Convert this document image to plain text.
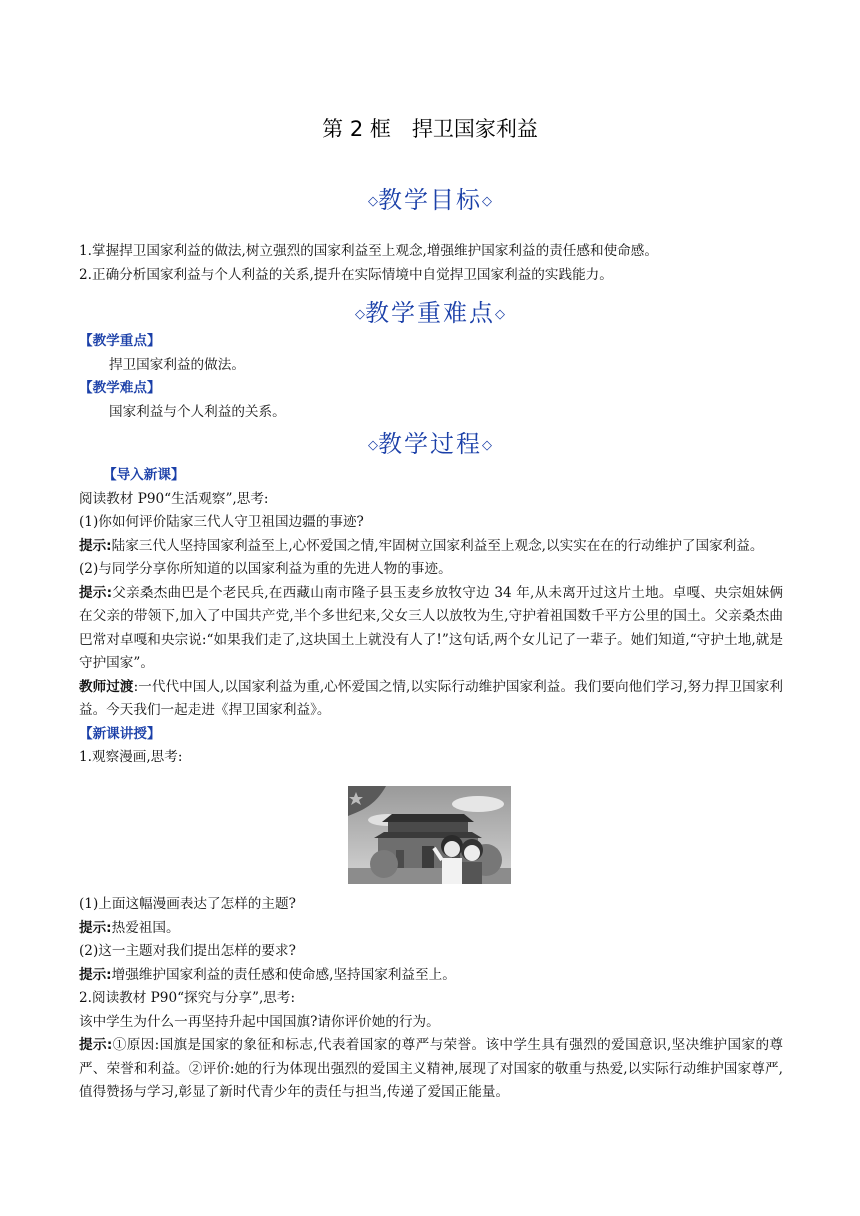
第 2 框　捍卫国家利益
◇教学目标◇

1.掌握捍卫国家利益的做法,树立强烈的国家利益至上观念,增强维护国家利益的责任感和使命感。

2.正确分析国家利益与个人利益的关系,提升在实际情境中自觉捍卫国家利益的实践能力。

◇教学重难点◇

【教学重点】

捍卫国家利益的做法。

【教学难点】

国家利益与个人利益的关系。

◇教学过程◇

【导入新课】

阅读教材 P90“生活观察”,思考:

(1)你如何评价陆家三代人守卫祖国边疆的事迹?

提示:陆家三代人坚持国家利益至上,心怀爱国之情,牢固树立国家利益至上观念,以实实在在的行动维护了国家利益。

(2)与同学分享你所知道的以国家利益为重的先进人物的事迹。

提示:父亲桑杰曲巴是个老民兵,在西藏山南市隆子县玉麦乡放牧守边 34 年,从未离开过这片土地。卓嘎、央宗姐妹俩在父亲的带领下,加入了中国共产党,半个多世纪来,父女三人以放牧为生,守护着祖国数千平方公里的国土。父亲桑杰曲巴常对卓嘎和央宗说:“如果我们走了,这块国土上就没有人了!”这句话,两个女儿记了一辈子。她们知道,“守护土地,就是守护国家”。

教师过渡:一代代中国人,以国家利益为重,心怀爱国之情,以实际行动维护国家利益。我们要向他们学习,努力捍卫国家利益。今天我们一起走进《捍卫国家利益》。

【新课讲授】

1.观察漫画,思考:

(1)上面这幅漫画表达了怎样的主题?

提示:热爱祖国。

(2)这一主题对我们提出怎样的要求?

提示:增强维护国家利益的责任感和使命感,坚持国家利益至上。

2.阅读教材 P90“探究与分享”,思考:

该中学生为什么一再坚持升起中国国旗?请你评价她的行为。

提示:①原因:国旗是国家的象征和标志,代表着国家的尊严与荣誉。该中学生具有强烈的爱国意识,坚决维护国家的尊严、荣誉和利益。②评价:她的行为体现出强烈的爱国主义精神,展现了对国家的敬重与热爱,以实际行动维护国家尊严,值得赞扬与学习,彰显了新时代青少年的责任与担当,传递了爱国正能量。
